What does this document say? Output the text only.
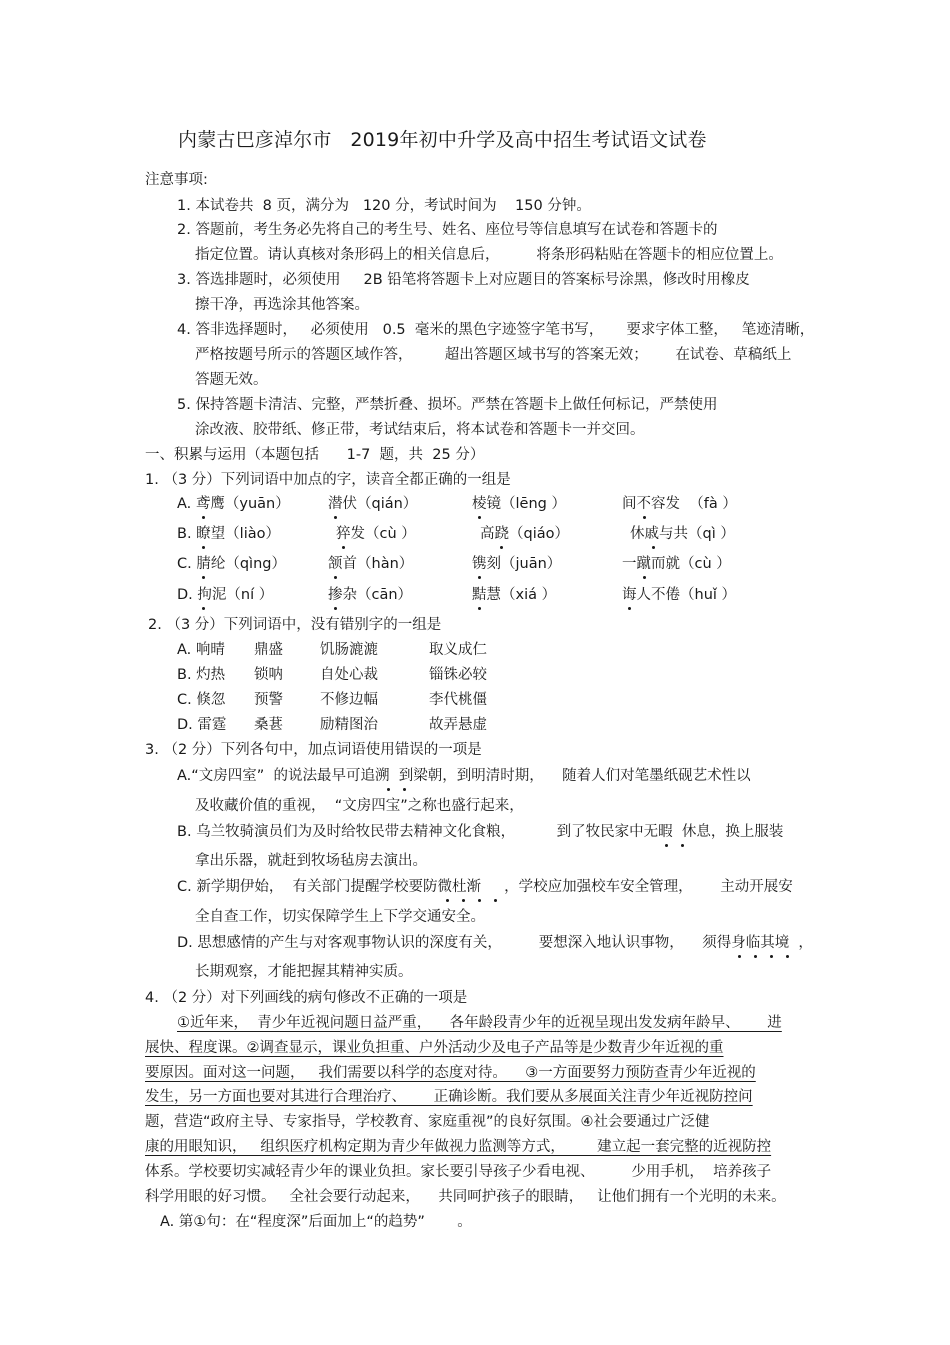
内蒙古巴彦淖尔市   2019年初中升学及高中招生考试语文试卷
注意事项:
1. 本试卷共  8 页，满分为   120 分，考试时间为    150 分钟。
2. 答题前，考生务必先将自己的考生号、姓名、座位号等信息填写在试卷和答题卡的
指定位置。请认真核对条形码上的相关信息后，        将条形码粘贴在答题卡的相应位置上。
3. 答选排题时，必须使用     2B 铅笔将答题卡上对应题目的答案标号涂黑，修改时用橡皮
擦干净，再选涂其他答案。
4. 答非选择题时，   必须使用   0.5  毫米的黑色字迹签字笔书写，     要求字体工整，   笔迹清晰，
严格按题号所示的答题区域作答，       超出答题区域书写的答案无效；      在试卷、草稿纸上
答题无效。
5. 保持答题卡清洁、完整，严禁折叠、损坏。严禁在答题卡上做任何标记，严禁使用
涂改液、胶带纸、修正带，考试结束后，将本试卷和答题卡一并交回。
一、积累与运用（本题包括      1-7  题，共  25 分）
1. （3 分）下列词语中加点的字，读音全都正确的一组是
A. 鸢鹰（yuān）	潜伏（qián）	棱镜（lēng ）	间不容发  （fà ）
B. 瞭望（liào）	猝发（cù ）	高跷（qiáo）	休戚与共（qì ）
C. 腈纶（qìng）	颔首（hàn）	镌刻（juān）	一蹴而就（cù ）
D. 拘泥（ní ）	掺杂（cān）	黠慧（xiá ）	诲人不倦（huǐ ）
2. （3 分）下列词语中，没有错别字的一组是
A. 响晴 鼎盛	饥肠漉漉	取义成仁
B. 灼热 锁呐	自处心裁	锱铢必较
C. 倏忽 预警	不修边幅	李代桃僵
D. 雷霆 桑葚	励精图治	故弄悬虚
3. （2 分）下列各句中，加点词语使用错误的一项是
A.“文房四室”  的说法最早可追溯  到梁朝，到明清时期，    随着人们对笔墨纸砚艺术性以
及收藏价值的重视，  “文房四宝”之称也盛行起来，
B. 乌兰牧骑演员们为及时给牧民带去精神文化食粮，         到了牧民家中无暇  休息，换上服装
拿出乐器，就赶到牧场毡房去演出。
C. 新学期伊始，  有关部门提醒学校要防微杜渐     ，学校应加强校车安全管理，      主动开展安
全自查工作，切实保障学生上下学交通安全。
D. 思想感情的产生与对客观事物认识的深度有关，        要想深入地认识事物，    须得身临其境  ，
长期观察，才能把握其精神实质。
4. （2 分）对下列画线的病句修改不正确的一项是
①近年来，  青少年近视问题日益严重，    各年龄段青少年的近视呈现出发发病年龄早、      进
展快、程度课。②调查显示，课业负担重、户外活动少及电子产品等是少数青少年近视的重
要原因。面对这一问题，   我们需要以科学的态度对待。    ③一方面要努力预防查青少年近视的
发生，另一方面也要对其进行合理治疗、      正确诊断。我们要从多展面关注青少年近视防控问
题，营造“政府主导、专家指导，学校教育、家庭重视”的良好氛围。④社会要通过广泛健
康的用眼知识，   组织医疗机构定期为青少年做视力监测等方式，       建立起一套完整的近视防控
体系。学校要切实减轻青少年的课业负担。家长要引导孩子少看电视、        少用手机，  培养孩子
科学用眼的好习惯。   全社会要行动起来，    共同呵护孩子的眼睛，   让他们拥有一个光明的未来。
A. 第①句：在“程度深”后面加上“的趋势”       。
